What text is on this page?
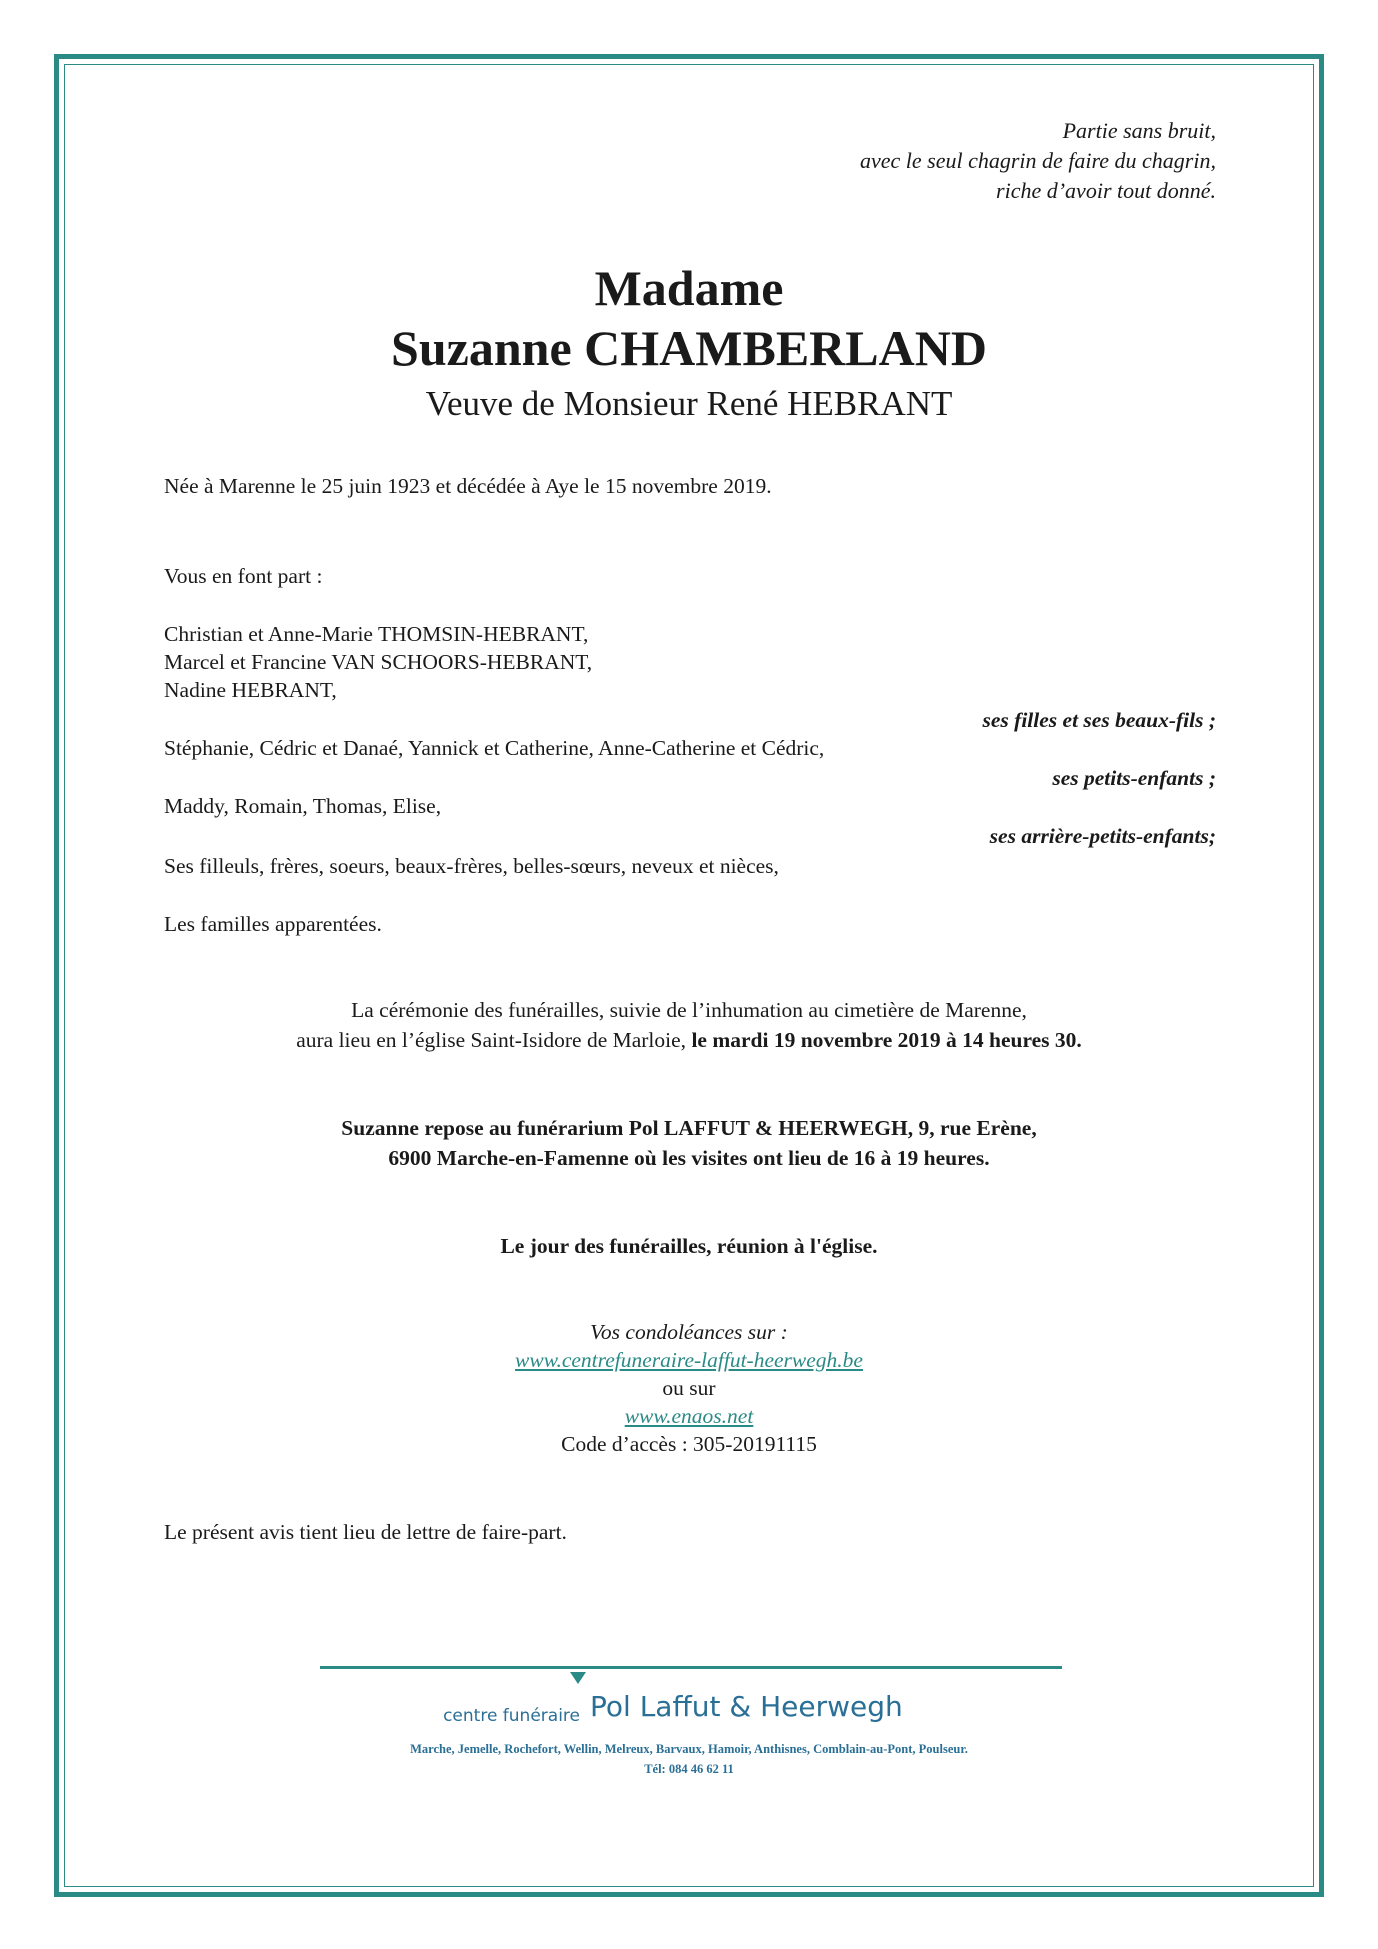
Partie sans bruit,
avec le seul chagrin de faire du chagrin,
riche d’avoir tout donné.
Madame
Suzanne CHAMBERLAND
Veuve de Monsieur René HEBRANT
Née à Marenne le 25 juin 1923 et décédée à Aye le 15 novembre 2019.
Vous en font part :
Christian et Anne-Marie THOMSIN-HEBRANT,
Marcel et Francine VAN SCHOORS-HEBRANT,
Nadine HEBRANT,
ses filles et ses beaux-fils ;
Stéphanie, Cédric et Danaé, Yannick et Catherine, Anne-Catherine et Cédric,
ses petits-enfants ;
Maddy, Romain, Thomas, Elise,
ses arrière-petits-enfants;
Ses filleuls, frères, soeurs, beaux-frères, belles-sœurs, neveux et nièces,
Les familles apparentées.
La cérémonie des funérailles, suivie de l’inhumation au cimetière de Marenne,
aura lieu en l’église Saint-Isidore de Marloie, le mardi 19 novembre 2019 à 14 heures 30.
Suzanne repose au funérarium Pol LAFFUT & HEERWEGH, 9, rue Erène,
6900 Marche-en-Famenne où les visites ont lieu de 16 à 19 heures.
Le jour des funérailles, réunion à l'église.
Vos condoléances sur :
www.centrefuneraire-laffut-heerwegh.be
ou sur
www.enaos.net
Code d’accès : 305-20191115
Le présent avis tient lieu de lettre de faire-part.
centre funéraire Pol Laffut & Heerwegh
Marche, Jemelle, Rochefort, Wellin, Melreux, Barvaux, Hamoir, Anthisnes, Comblain-au-Pont, Poulseur.
Tél: 084 46 62 11
